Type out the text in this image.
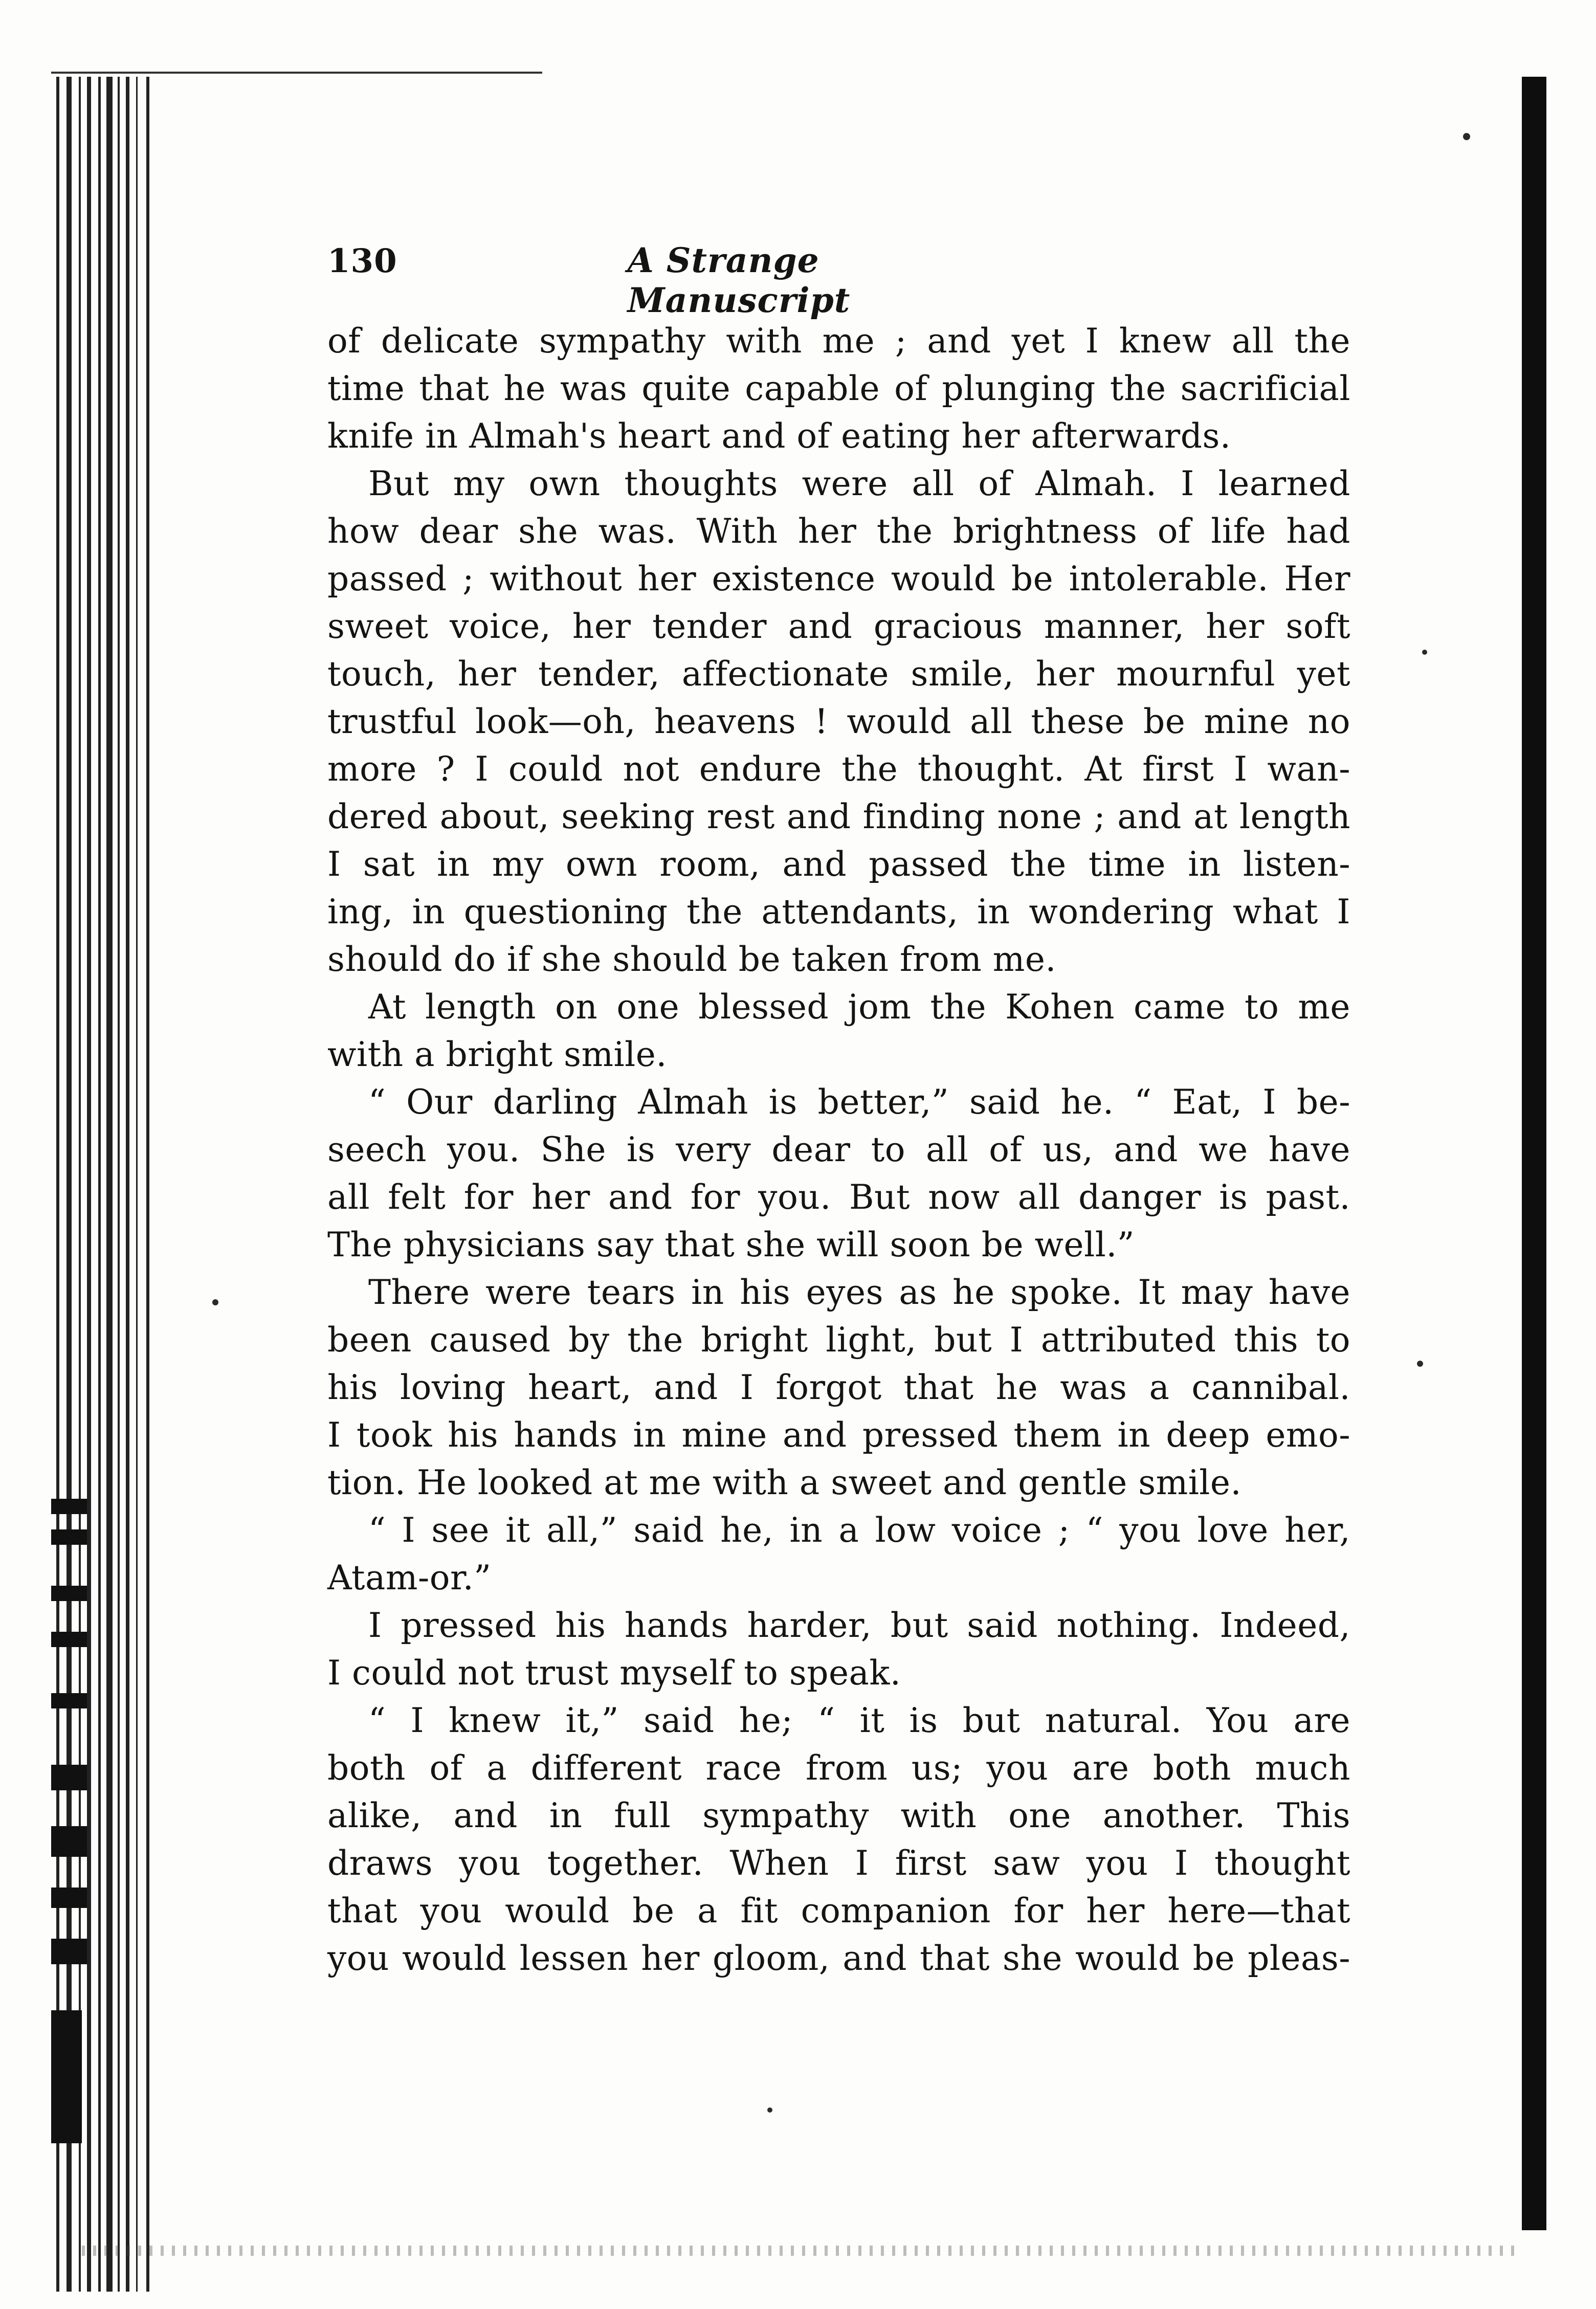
130	A Strange Manuscript
of delicate sympathy with me ; and yet I knew all the
time that he was quite capable of plunging the sacrificial
knife in Almah's heart and of eating her afterwards.
But my own thoughts were all of Almah. I learned
how dear she was. With her the brightness of life had
passed ; without her existence would be intolerable. Her
sweet voice, her tender and gracious manner, her soft
touch, her tender, affectionate smile, her mournful yet
trustful look—oh, heavens ! would all these be mine no
more ? I could not endure the thought. At first I wan-
dered about, seeking rest and finding none ; and at length
I sat in my own room, and passed the time in listen-
ing, in questioning the attendants, in wondering what I
should do if she should be taken from me.
At length on one blessed jom the Kohen came to me
with a bright smile.
“ Our darling Almah is better,” said he. “ Eat, I be-
seech you. She is very dear to all of us, and we have
all felt for her and for you. But now all danger is past.
The physicians say that she will soon be well.”
There were tears in his eyes as he spoke. It may have
been caused by the bright light, but I attributed this to
his loving heart, and I forgot that he was a cannibal.
I took his hands in mine and pressed them in deep emo-
tion. He looked at me with a sweet and gentle smile.
“ I see it all,” said he, in a low voice ; “ you love her,
Atam-or.”
I pressed his hands harder, but said nothing. Indeed,
I could not trust myself to speak.
“ I knew it,” said he; “ it is but natural. You are
both of a different race from us; you are both much
alike, and in full sympathy with one another. This
draws you together. When I first saw you I thought
that you would be a fit companion for her here—that
you would lessen her gloom, and that she would be pleas-
